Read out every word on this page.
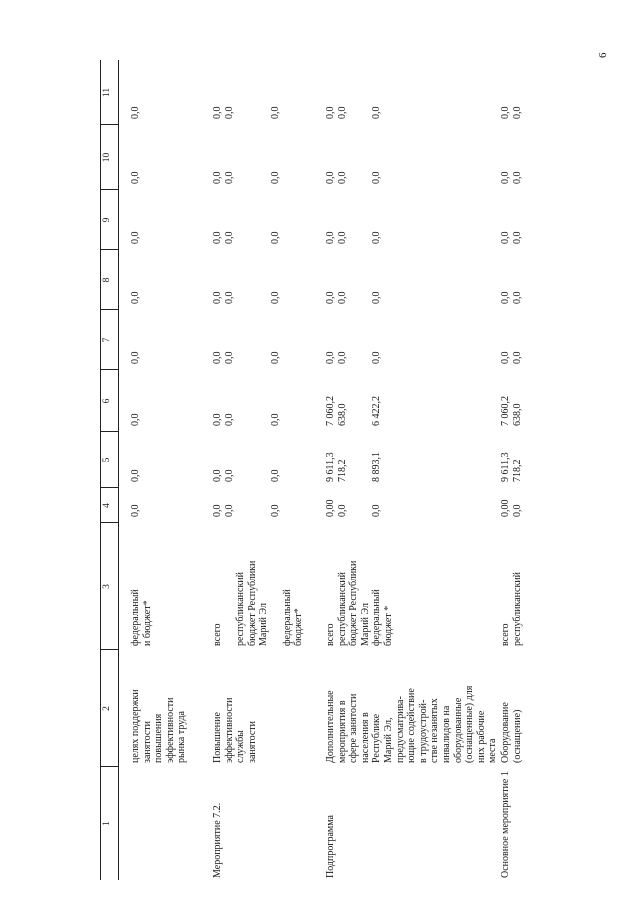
6
1
2
3
4
5
6
7
8
9
10
11
целях поддержки занятости повышения эффективности рынка труда
федеральный и бюджет*
0,0
0,0
0,0
0,0
0,0
0,0
0,0
0,0
Мероприятие 7.2.
Повышение эффективности службы занятости
всего республиканский бюджет Республики Марий Эл федеральный бюджет*
0,0
0,0
0,0
0,0
0,0
0,0
0,0
0,0
0,0
0,0
0,0
0,0
0,0
0,0
0,0
0,0
0,0
0,0
0,0
0,0
0,0
0,0
0,0
0,0
Подпрограмма
Дополнительные мероприятия в сфере занятости населения в Республике Марий Эл, предусматрива- ющие содействие в трудоустрой- стве незанятых инвалидов на оборудованные (оснащенные) для них рабочие места
всего республиканский бюджет Республики Марий Эл федеральный бюджет *
0,00
9 611,3
7 060,2
0,0
0,0
0,0
0,0
0,0
0,0
718,2
638,0
0,0
0,0
0,0
0,0
0,0
0,0
8 893,1
6 422,2
0,0
0,0
0,0
0,0
0,0
Основное мероприятие 1
Оборудование (оснащение)
всего республиканский
0,00
9 611,3
7 060,2
0,0
0,0
0,0
0,0
0,0
0,0
718,2
638,0
0,0
0,0
0,0
0,0
0,0
